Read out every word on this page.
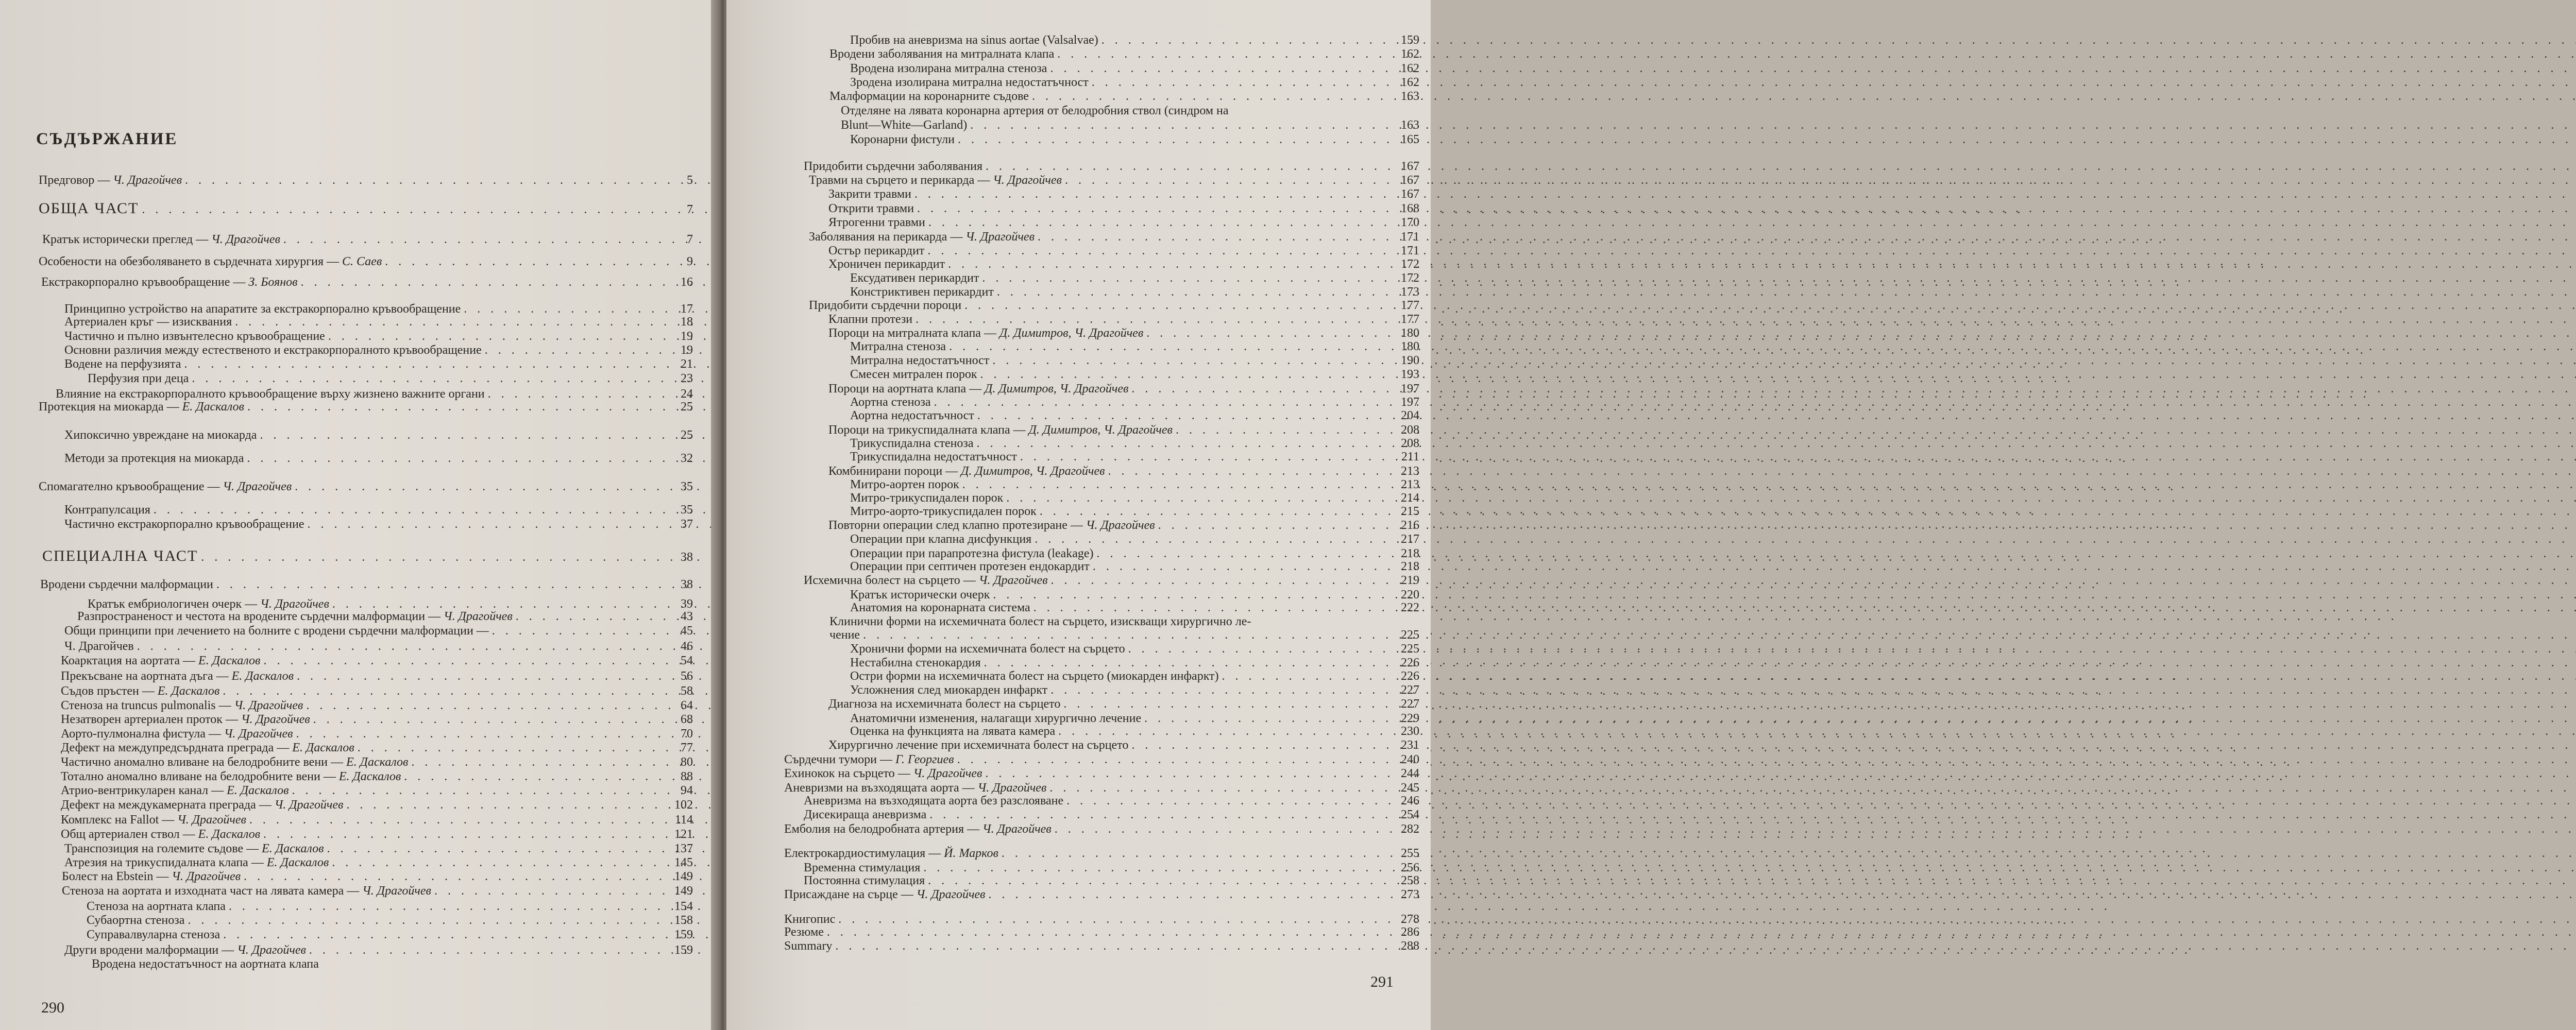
СЪДЪРЖАНИЕ
Предговор — Ч. Драгойчев . . .	5
ОБЩА ЧАСТ . . .	7
Кратък исторически преглед — Ч. Драгойчев . . .	7
Особености на обезболяването в сърдечната хирургия — С. Саев . . .	9
Екстракорпорално кръвообращение — З. Боянов . . .	16
Принципно устройство на апаратите за екстракорпорално кръвообращение . . .	17
Артериален кръг — изисквания . . .	18
Частично и пълно извънтелесно кръвообращение . . .	19
Основни различия между естественото и екстракорпоралното кръвообращение . . .	19
Водене на перфузията . . .	21
Перфузия при деца . . .	23
Влияние на екстракорпоралното кръвообращение върху жизнено важните органи . . .	24
Протекция на миокарда — Е. Даскалов . . .	25
Хипоксично увреждане на миокарда . . .	25
Методи за протекция на миокарда . . .	32
Спомагателно кръвообращение — Ч. Драгойчев . . .	35
Контрапулсация . . .	35
Частично екстракорпорално кръвообращение . . .	37
СПЕЦИАЛНА ЧАСТ . . .	38
Вродени сърдечни малформации . . .	38
Кратък ембриологичен очерк — Ч. Драгойчев . . .	39
Разпространеност и честота на вродените сърдечни малформации — Ч. Драгойчев . . .	43
Общи принципи при лечението на болните с вродени сърдечни малформации — . . .	45
Ч. Драгойчев . . .	46
Коарктация на аортата — Е. Даскалов . . .	54
Прекъсване на аортната дъга — Е. Даскалов . . .	56
Съдов пръстен — Е. Даскалов . . .	58
Стеноза на truncus pulmonalis — Ч. Драгойчев . . .	64
Незатворен артериален проток — Ч. Драгойчев . . .	68
Аорто-пулмонална фистула — Ч. Драгойчев . . .	70
Дефект на междупредсърдната преграда — Е. Даскалов . . .	77
Частично аномално вливане на белодробните вени — Е. Даскалов . . .	80
Тотално аномално вливане на белодробните вени — Е. Даскалов . . .	88
Атрио-вентрикуларен канал — Е. Даскалов . . .	94
Дефект на междукамерната преграда — Ч. Драгойчев . . .	102
Комплекс на Fallot — Ч. Драгойчев . . .	114
Общ артериален ствол — Е. Даскалов . . .	121
Транспозиция на големите съдове — Е. Даскалов . . .	137
Атрезия на трикуспидалната клапа — Е. Даскалов . . .	145
Болест на Ebstein — Ч. Драгойчев . . .	149
Стеноза на аортата и изходната част на лявата камера — Ч. Драгойчев . . .	149
Стеноза на аортната клапа . . .	154
Субаортна стеноза . . .	158
Суправалвуларна стеноза . . .	159
Други вродени малформации — Ч. Драгойчев . . .	159
Вродена недостатъчност на аортната клапа
290
Пробив на аневризма на sinus aortae (Valsalvae) . . .	159
Вродени заболявания на митралната клапа . . .	162
Вродена изолирана митрална стеноза . . .	162
Зродена изолирана митрална недостатъчност . . .	162
Малформации на коронарните съдове . . .	163
Отделяне на лявата коронарна артерия от белодробния ствол (синдром на
Blunt—White—Garland) . . .	163
Коронарни фистули . . .	165
Придобити сърдечни заболявания . . .	167
Травми на сърцето и перикарда — Ч. Драгойчев . . .	167
Закрити травми . . .	167
Открити травми . . .	168
Ятрогенни травми . . .	170
Заболявания на перикарда — Ч. Драгойчев . . .	171
Остър перикардит . . .	171
Хроничен перикардит . . .	172
Ексудативен перикардит . . .	172
Констриктивен перикардит . . .	173
Придобити сърдечни пороци . . .	177
Клапни протези . . .	177
Пороци на митралната клапа — Д. Димитров, Ч. Драгойчев . . .	180
Митрална стеноза . . .	180
Митрална недостатъчност . . .	190
Смесен митрален порок . . .	193
Пороци на аортната клапа — Д. Димитров, Ч. Драгойчев . . .	197
Аортна стеноза . . .	197
Аортна недостатъчност . . .	204
Пороци на трикуспидалната клапа — Д. Димитров, Ч. Драгойчев . . .	208
Трикуспидална стеноза . . .	208
Трикуспидална недостатъчност . . .	211
Комбинирани пороци — Д. Димитров, Ч. Драгойчев . . .	213
Митро-аортен порок . . .	213
Митро-трикуспидален порок . . .	214
Митро-аорто-трикуспидален порок . . .	215
Повторни операции след клапно протезиране — Ч. Драгойчев . . .	216
Операции при клапна дисфункция . . .	217
Операции при парапротезна фистула (leakage) . . .	218
Операции при септичен протезен ендокардит . . .	218
Исхемична болест на сърцето — Ч. Драгойчев . . .	219
Кратък исторически очерк . . .	220
Анатомия на коронарната система . . .	222
Клинични форми на исхемичната болест на сърцето, изискващи хирургично ле-
чение . . .	225
Хронични форми на исхемичната болест на сърцето . . .	225
Нестабилна стенокардия . . .	226
Остри форми на исхемичната болест на сърцето (миокарден инфаркт) . . .	226
Усложнения след миокарден инфаркт . . .	227
Диагноза на исхемичната болест на сърцето . . .	227
Анатомични изменения, налагащи хирургично лечение . . .	229
Оценка на функцията на лявата камера . . .	230
Хирургично лечение при исхемичната болест на сърцето . . .	231
Сърдечни тумори — Г. Георгиев . . .	240
Ехинокок на сърцето — Ч. Драгойчев . . .	244
Аневризми на възходящата аорта — Ч. Драгойчев . . .	245
Аневризма на възходящата аорта без разслояване . . .	246
Дисекираща аневризма . . .	254
Емболия на белодробната артерия — Ч. Драгойчев . . .	282
Електрокардиостимулация — Й. Марков . . .	255
Временна стимулация . . .	256
Постоянна стимулация . . .	258
Присаждане на сърце — Ч. Драгойчев . . .	273
Книгопис . . .	278
Резюме . . .	286
Summary . . .	288
291
